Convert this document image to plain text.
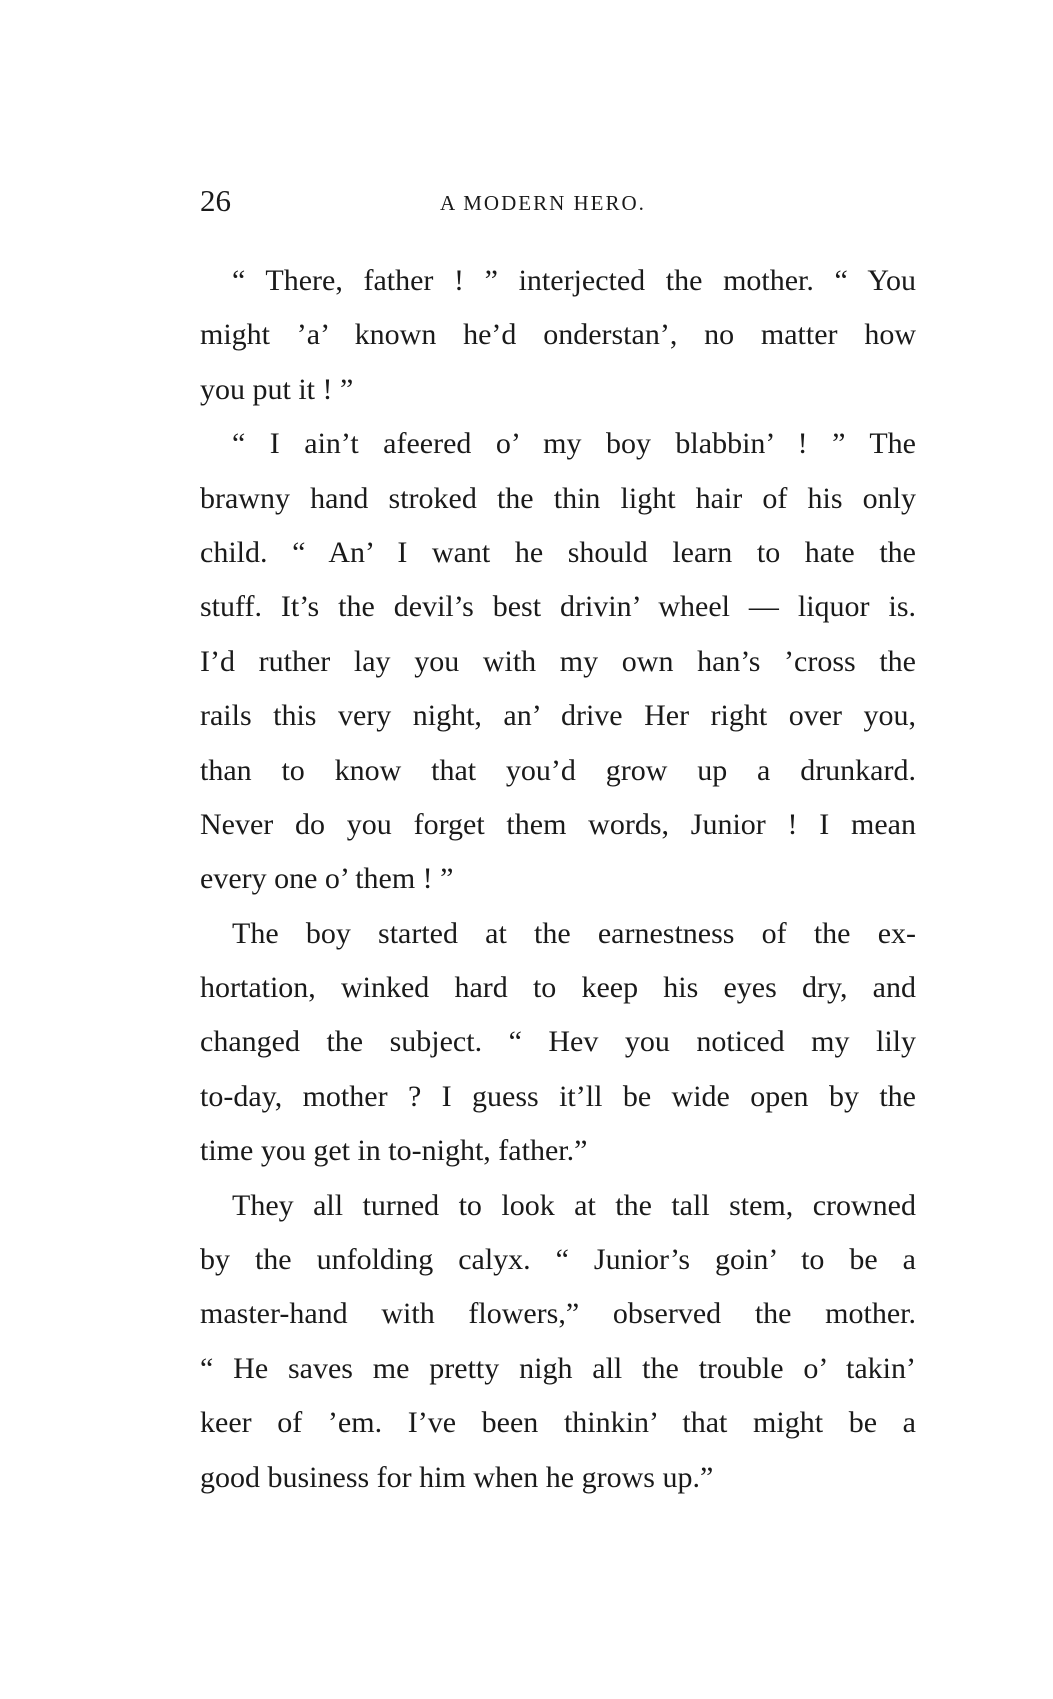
26	A MODERN HERO.
“ There, father ! ” interjected the mother. “ You
might ’a’ known he’d onderstan’, no matter how
you put it ! ”
“ I ain’t afeered o’ my boy blabbin’ ! ” The
brawny hand stroked the thin light hair of his only
child. “ An’ I want he should learn to hate the
stuff. It’s the devil’s best drivin’ wheel — liquor is.
I’d ruther lay you with my own han’s ’cross the
rails this very night, an’ drive Her right over you,
than to know that you’d grow up a drunkard.
Never do you forget them words, Junior ! I mean
every one o’ them ! ”
The boy started at the earnestness of the ex-
hortation, winked hard to keep his eyes dry, and
changed the subject. “ Hev you noticed my lily
to-day, mother ? I guess it’ll be wide open by the
time you get in to-night, father.”
They all turned to look at the tall stem, crowned
by the unfolding calyx. “ Junior’s goin’ to be a
master-hand with flowers,” observed the mother.
“ He saves me pretty nigh all the trouble o’ takin’
keer of ’em. I’ve been thinkin’ that might be a
good business for him when he grows up.”
